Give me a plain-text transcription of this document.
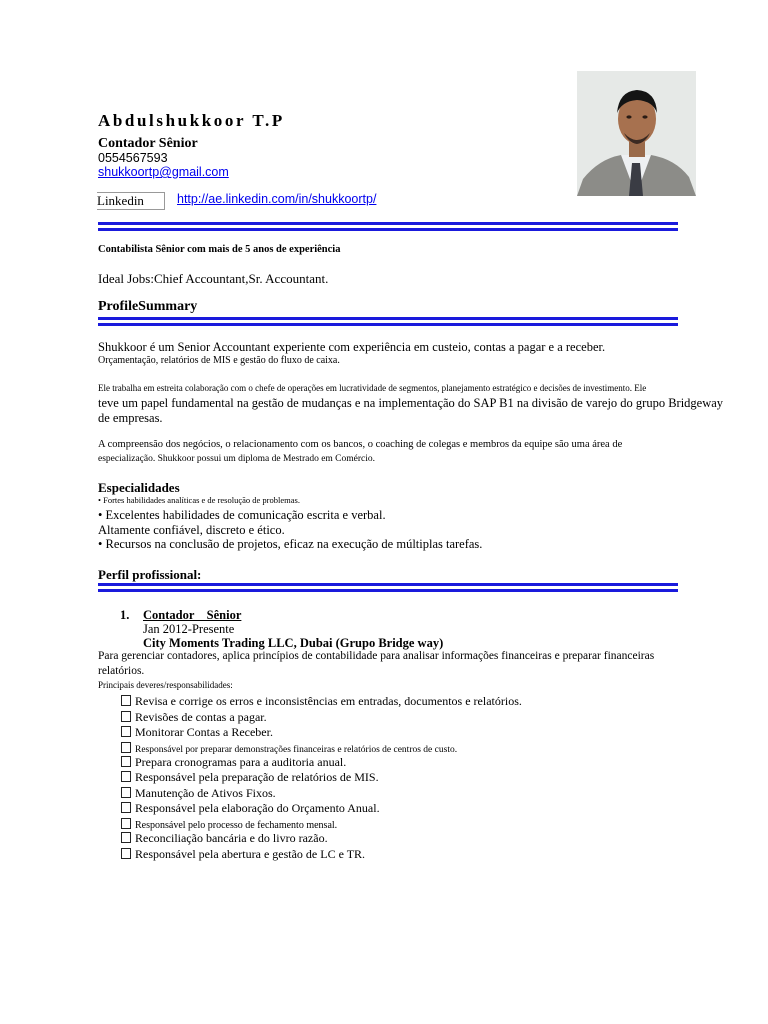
Abdulshukkoor T.P
Contador Sênior
0554567593
shukkoortp@gmail.com
Linkedin	http://ae.linkedin.com/in/shukkoortp/
Contabilista Sênior com mais de 5 anos de experiência
Ideal Jobs:Chief Accountant,Sr. Accountant.
ProfileSummary
Shukkoor é um Senior Accountant experiente com experiência em custeio, contas a pagar e a receber.
Orçamentação, relatórios de MIS e gestão do fluxo de caixa.
Ele trabalha em estreita colaboração com o chefe de operações em lucratividade de segmentos, planejamento estratégico e decisões de investimento. Ele
teve um papel fundamental na gestão de mudanças e na implementação do SAP B1 na divisão de varejo do grupo Bridgeway
de empresas.
A compreensão dos negócios, o relacionamento com os bancos, o coaching de colegas e membros da equipe são uma área de
especialização. Shukkoor possui um diploma de Mestrado em Comércio.
Especialidades
• Fortes habilidades analíticas e de resolução de problemas.
• Excelentes habilidades de comunicação escrita e verbal.
Altamente confiável, discreto e ético.
• Recursos na conclusão de projetos, eficaz na execução de múltiplas tarefas.
Perfil profissional:
1. Contador    Sênior
Jan 2012-Presente
City Moments Trading LLC, Dubai (Grupo Bridge way)
Para gerenciar contadores, aplica princípios de contabilidade para analisar informações financeiras e preparar financeiras
relatórios.
Principais deveres/responsabilidades:
Revisa e corrige os erros e inconsistências em entradas, documentos e relatórios.
Revisões de contas a pagar.
Monitorar Contas a Receber.
Responsável por preparar demonstrações financeiras e relatórios de centros de custo.
Prepara cronogramas para a auditoria anual.
Responsável pela preparação de relatórios de MIS.
Manutenção de Ativos Fixos.
Responsável pela elaboração do Orçamento Anual.
Responsável pelo processo de fechamento mensal.
Reconciliação bancária e do livro razão.
Responsável pela abertura e gestão de LC e TR.
